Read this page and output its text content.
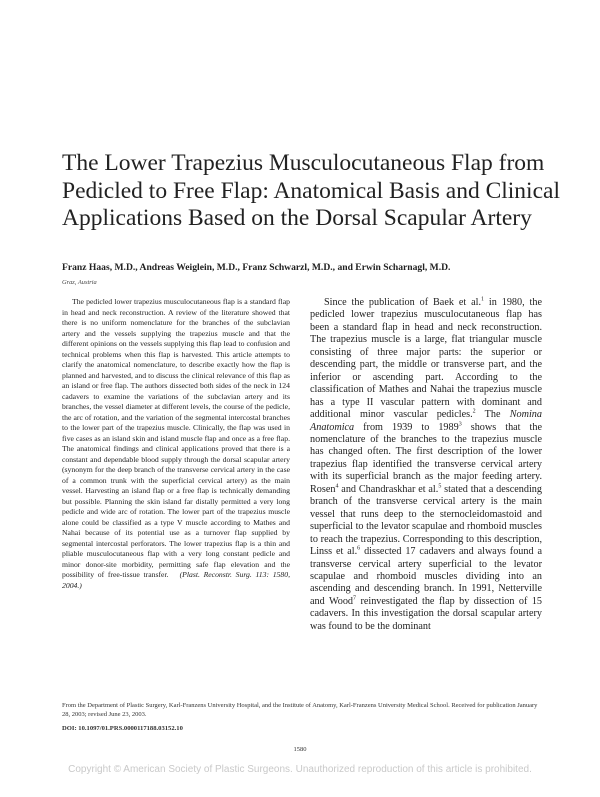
The Lower Trapezius Musculocutaneous Flap from Pedicled to Free Flap: Anatomical Basis and Clinical Applications Based on the Dorsal Scapular Artery
Franz Haas, M.D., Andreas Weiglein, M.D., Franz Schwarzl, M.D., and Erwin Scharnagl, M.D.
Graz, Austria

The pedicled lower trapezius musculocutaneous flap is a standard flap in head and neck reconstruction. A review of the literature showed that there is no uniform nomenclature for the branches of the subclavian artery and the vessels supplying the trapezius muscle and that the different opinions on the vessels supplying this flap lead to confusion and technical problems when this flap is harvested. This article attempts to clarify the anatomical nomenclature, to describe exactly how the flap is planned and harvested, and to discuss the clinical relevance of this flap as an island or free flap. The authors dissected both sides of the neck in 124 cadavers to examine the variations of the subclavian artery and its branches, the vessel diameter at different levels, the course of the pedicle, the arc of rotation, and the variation of the segmental intercostal branches to the lower part of the trapezius muscle. Clinically, the flap was used in five cases as an island skin and island muscle flap and once as a free flap. The anatomical findings and clinical applications proved that there is a constant and dependable blood supply through the dorsal scapular artery (synonym for the deep branch of the transverse cervical artery in the case of a common trunk with the superficial cervical artery) as the main vessel. Harvesting an island flap or a free flap is technically demanding but possible. Planning the skin island far distally permitted a very long pedicle and wide arc of rotation. The lower part of the trapezius muscle alone could be classified as a type V muscle according to Mathes and Nahai because of its potential use as a turnover flap supplied by segmental intercostal perforators. The lower trapezius flap is a thin and pliable musculocutaneous flap with a very long constant pedicle and minor donor-site morbidity, permitting safe flap elevation and the possibility of free-tissue transfer. (Plast. Reconstr. Surg. 113: 1580, 2004.)

Since the publication of Baek et al.$^1$ in 1980, the pedicled lower trapezius musculocutaneous flap has been a standard flap in head and neck reconstruction. The trapezius muscle is a large, flat triangular muscle consisting of three major parts: the superior or descending part, the middle or transverse part, and the inferior or ascending part. According to the classification of Mathes and Nahai the trapezius muscle has a type II vascular pattern with dominant and additional minor vascular pedicles.$^2$ The Nomina Anatomica from 1939 to 1989$^3$ shows that the nomenclature of the branches to the trapezius muscle has changed often. The first description of the lower trapezius flap identified the transverse cervical artery with its superficial branch as the major feeding artery. Rosen$^4$ and Chandraskhar et al.$^5$ stated that a descending branch of the transverse cervical artery is the main vessel that runs deep to the sternocleidomastoid and superficial to the levator scapulae and rhomboid muscles to reach the trapezius. Corresponding to this description, Linss et al.$^6$ dissected 17 cadavers and always found a transverse cervical artery superficial to the levator scapulae and rhomboid muscles dividing into an ascending and descending branch. In 1991, Netterville and Wood$^7$ reinvestigated the flap by dissection of 15 cadavers. In this investigation the dorsal scapular artery was found to be the dominant

From the Department of Plastic Surgery, Karl-Franzens University Hospital, and the Institute of Anatomy, Karl-Franzens University Medical School. Received for publication January 28, 2003; revised June 23, 2003.

DOI: 10.1097/01.PRS.0000117188.03152.10
1580
Copyright © American Society of Plastic Surgeons. Unauthorized reproduction of this article is prohibited.
